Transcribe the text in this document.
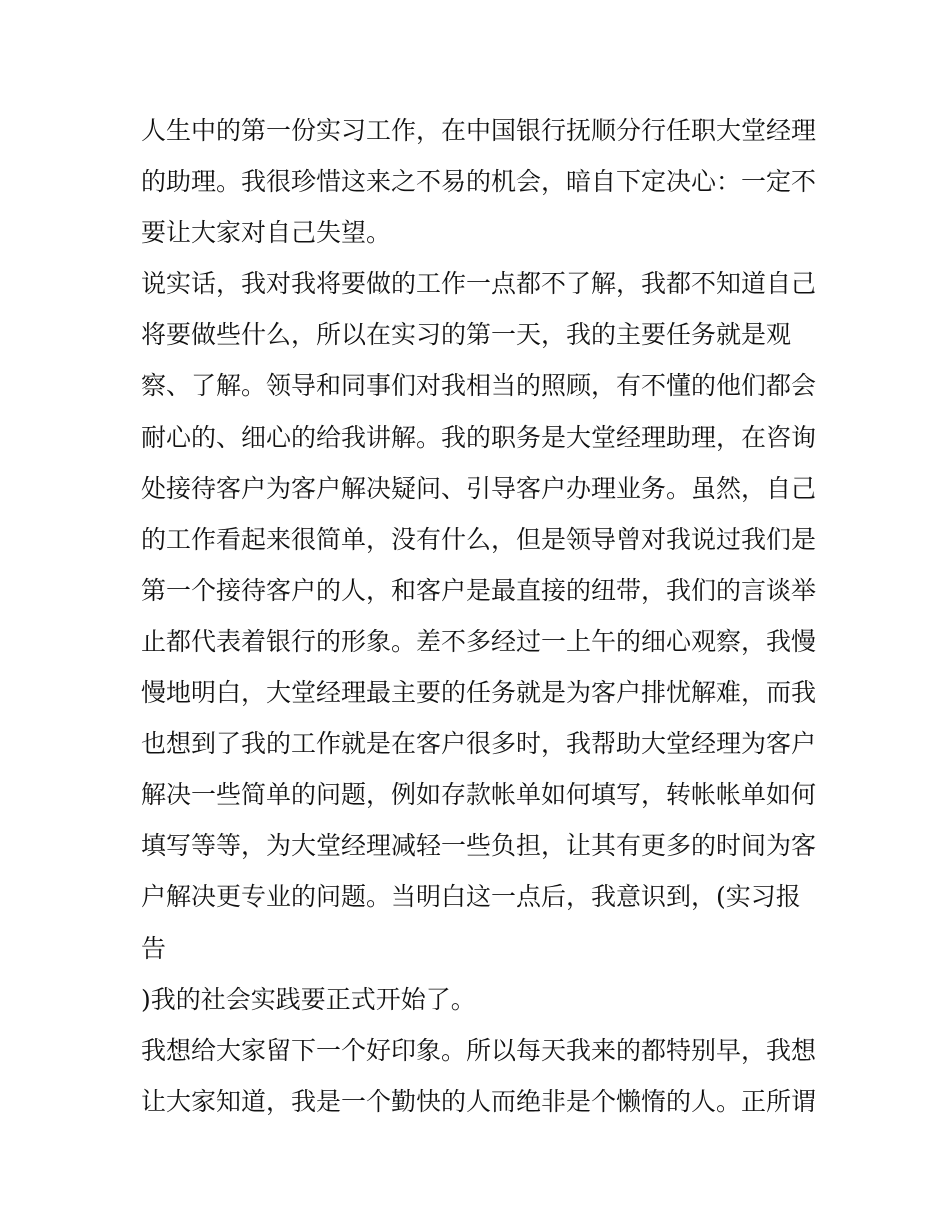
人生中的第一份实习工作，在中国银行抚顺分行任职大堂经理
的助理。我很珍惜这来之不易的机会，暗自下定决心：一定不
要让大家对自己失望。
说实话，我对我将要做的工作一点都不了解，我都不知道自己
将要做些什么，所以在实习的第一天，我的主要任务就是观
察、了解。领导和同事们对我相当的照顾，有不懂的他们都会
耐心的、细心的给我讲解。我的职务是大堂经理助理，在咨询
处接待客户为客户解决疑问、引导客户办理业务。虽然，自己
的工作看起来很简单，没有什么，但是领导曾对我说过我们是
第一个接待客户的人，和客户是最直接的纽带，我们的言谈举
止都代表着银行的形象。差不多经过一上午的细心观察，我慢
慢地明白，大堂经理最主要的任务就是为客户排忧解难，而我
也想到了我的工作就是在客户很多时，我帮助大堂经理为客户
解决一些简单的问题，例如存款帐单如何填写，转帐帐单如何
填写等等，为大堂经理减轻一些负担，让其有更多的时间为客
户解决更专业的问题。当明白这一点后，我意识到，(实习报
告
)我的社会实践要正式开始了。
我想给大家留下一个好印象。所以每天我来的都特别早，我想
让大家知道，我是一个勤快的人而绝非是个懒惰的人。正所谓
